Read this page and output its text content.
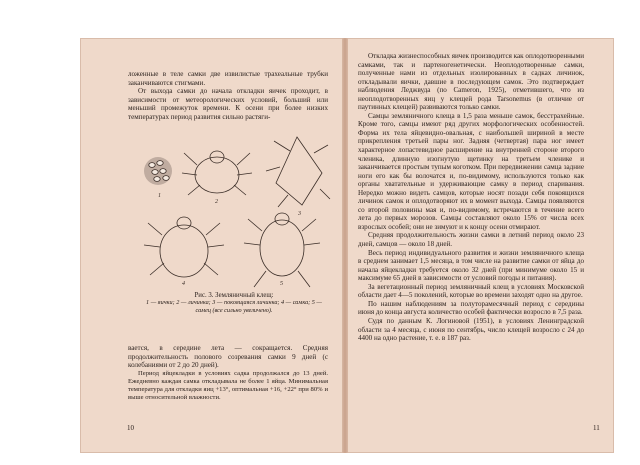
ложенные в теле самки две извилистые трахеальные трубки заканчиваются стигмами.

От выхода самки до начала откладки яичек проходит, в зависимости от метеорологических условий, больший или меньший промежуток времени. К осени при более низких температурах период развития сильно растяги-

1
2
3
4	5
Рис. 3. Земляничный клещ:
1 — яички; 2 — личинка; 3 — покоящаяся личинка; 4 — самка; 5 — самец (все сильно увеличено).

вается, в середине лета — сокращается. Средняя продолжительность полового созревания самки 9 дней (с колебаниями от 2 до 20 дней).

Период яйцекладки в условиях садка продолжался до 13 дней. Ежедневно каждая самка откладывала не более 1 яйца. Минимальная температура для откладки яиц +13°, оптимальная +16, +22° при 80% и выше относительной влажности.

10

Откладка жизнеспособных яичек производится как оплодотворенными самками, так и партеногенетически. Неоплодотворенные самки, полученные нами из отдельных изолированных в садках личинок, откладывали яички, давшие в последующем самок. Это подтверждает наблюдения Леджвуда (по Cameron, 1925), отметившего, что из неоплодотворенных яиц у клещей рода Tarsonemus (в отличие от паутинных клещей) развиваются только самки.

Самцы земляничного клеща в 1,5 раза меньше самок, бесстрахейные. Кроме того, самцы имеют ряд других морфологических особенностей. Форма их тела яйцевидно-овальная, с наибольшей шириной в месте прикрепления третьей пары ног. Задняя (четвертая) пара ног имеет характерное лопастевидное расширение на внутренней стороне второго членика, длинную изогнутую щетинку на третьем членике и заканчивается простым тупым коготком. При передвижении самца задние ноги его как бы волочатся и, по-видимому, используются только как органы хватательные и удерживающие самку в период спаривания. Нередко можно видеть самцов, которые носят позади себя покоящихся личинок самок и оплодотворяют их в момент выхода. Самцы появляются со второй половины мая и, по-видимому, встречаются в течение всего лета до первых морозов. Самцы составляют около 15% от числа всех взрослых особей; они не зимуют и к концу осени отмирают.

Средняя продолжительность жизни самки в летний период около 23 дней, самцов — около 18 дней.

Весь период индивидуального развития и жизни земляничного клеща в среднем занимает 1,5 месяца, в том числе на развитие самки от яйца до начала яйцекладки требуется около 32 дней (при минимуме около 15 и максимуме 65 дней в зависимости от условий погоды и питания).

За вегетационный период земляничный клещ в условиях Московской области дает 4—5 поколений, которые во времени заходят одно на другое.

По нашим наблюдениям за полуторамесячный период с середины июня до конца августа количество особей фактически возросло в 7,5 раза.

Судя по данным К. Логиновой (1951), в условиях Ленинградской области за 4 месяца, с июня по сентябрь, число клещей возросло с 24 до 4400 на одно растение, т. е. в 187 раз.

11
